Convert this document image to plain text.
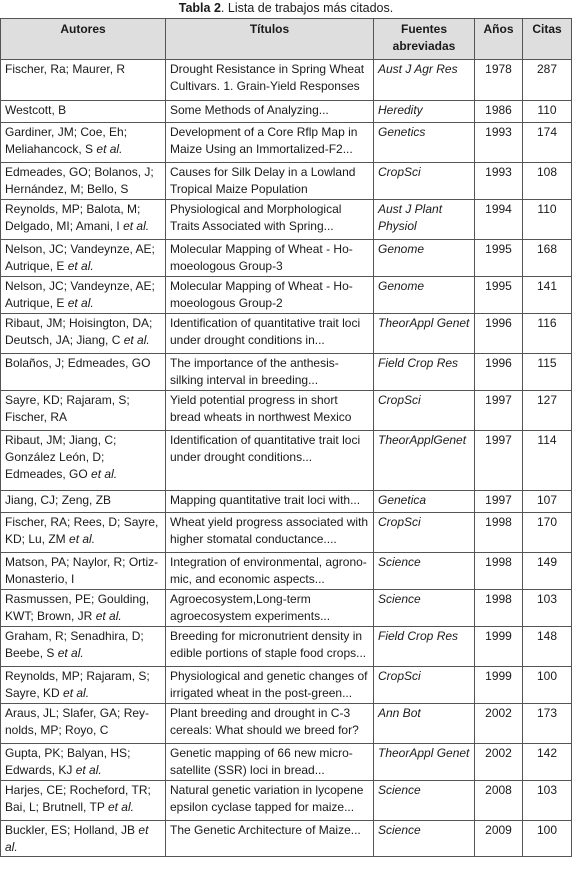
Tabla 2. Lista de trabajos más citados.
Autores	Títulos	Fuentes abreviadas	Años	Citas
Fischer, Ra; Maurer, R	Drought Resistance in Spring Wheat Cultivars. 1. Grain-Yield Responses	Aust J Agr Res	1978	287
Westcott, B	Some Methods of Analyzing...	Heredity	1986	110
Gardiner, JM; Coe, Eh; Meliahancock, S et al.	Development of a Core Rflp Map in Maize Using an Immortalized-F2...	Genetics	1993	174
Edmeades, GO; Bolanos, J; Hernández, M; Bello, S	Causes for Silk Delay in a Lowland Tropical Maize Population	CropSci	1993	108
Reynolds, MP; Balota, M; Delgado, MI; Amani, I et al.	Physiological and Morphological Traits Associated with Spring...	Aust J Plant Physiol	1994	110
Nelson, JC; Vandeynze, AE; Autrique, E et al.	Molecular Mapping of Wheat - Ho-moeologous Group-3	Genome	1995	168
Nelson, JC; Vandeynze, AE; Autrique, E et al.	Molecular Mapping of Wheat - Ho-moeologous Group-2	Genome	1995	141
Ribaut, JM; Hoisington, DA; Deutsch, JA; Jiang, C et al.	Identification of quantitative trait loci under drought conditions in...	TheorAppl Genet	1996	116
Bolaños, J; Edmeades, GO	The importance of the anthesis-silking interval in breeding...	Field Crop Res	1996	115
Sayre, KD; Rajaram, S; Fischer, RA	Yield potential progress in short bread wheats in northwest Mexico	CropSci	1997	127
Ribaut, JM; Jiang, C; González León, D; Edmeades, GO et al.	Identification of quantitative trait loci under drought conditions...	TheorApplGenet	1997	114
Jiang, CJ; Zeng, ZB	Mapping quantitative trait loci with...	Genetica	1997	107
Fischer, RA; Rees, D; Sayre, KD; Lu, ZM et al.	Wheat yield progress associated with higher stomatal conductance....	CropSci	1998	170
Matson, PA; Naylor, R; Ortiz-Monasterio, I	Integration of environmental, agrono-mic, and economic aspects...	Science	1998	149
Rasmussen, PE; Goulding, KWT; Brown, JR et al.	Agroecosystem,Long-term agroecosystem experiments...	Science	1998	103
Graham, R; Senadhira, D; Beebe, S et al.	Breeding for micronutrient density in edible portions of staple food crops...	Field Crop Res	1999	148
Reynolds, MP; Rajaram, S; Sayre, KD et al.	Physiological and genetic changes of irrigated wheat in the post-green...	CropSci	1999	100
Araus, JL; Slafer, GA; Rey-nolds, MP; Royo, C	Plant breeding and drought in C-3 cereals: What should we breed for?	Ann Bot	2002	173
Gupta, PK; Balyan, HS; Edwards, KJ et al.	Genetic mapping of 66 new micro-satellite (SSR) loci in bread...	TheorAppl Genet	2002	142
Harjes, CE; Rocheford, TR; Bai, L; Brutnell, TP et al.	Natural genetic variation in lycopene epsilon cyclase tapped for maize...	Science	2008	103
Buckler, ES; Holland, JB et al.	The Genetic Architecture of Maize...	Science	2009	100
